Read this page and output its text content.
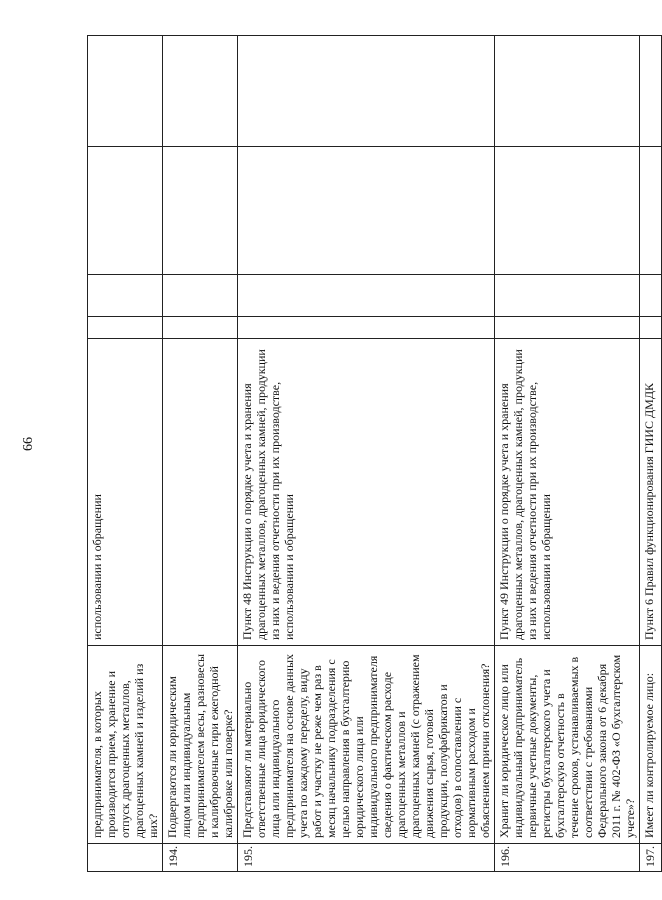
66
	предпринимателя, в которых производится прием, хранение и отпуск драгоценных металлов, драгоценных камней и изделий из них?	использовании и обращении				
194.	Подвергаются ли юридическим лицом или индивидуальным предпринимателем весы, разновесы и калибровочные гири ежегодной калибровке или поверке?					
195.	Представляют ли материально ответственные лица юридического лица или индивидуального предпринимателя на основе данных учета по каждому переделу, виду работ и участку не реже чем раз в месяц начальнику подразделения с целью направления в бухгалтерию юридического лица или индивидуального предпринимателя сведения о фактическом расходе драгоценных металлов и драгоценных камней (с отражением движения сырья, готовой продукции, полуфабрикатов и отходов) в сопоставлении с нормативным расходом и объяснением причин отклонения?	Пункт 48 Инструкции о порядке учета и хранения драгоценных металлов, драгоценных камней, продукции из них и ведения отчетности при их производстве, использовании и обращении				
196.	Хранит ли юридическое лицо или индивидуальный предприниматель первичные учетные документы, регистры бухгалтерского учета и бухгалтерскую отчетность в течение сроков, устанавливаемых в соответствии с требованиями Федерального закона от 6 декабря 2011 г. № 402-ФЗ «О бухгалтерском учете»?	Пункт 49 Инструкции о порядке учета и хранения драгоценных металлов, драгоценных камней, продукции из них и ведения отчетности при их производстве, использовании и обращении				
197.	Имеет ли контролируемое лицо:	Пункт 6 Правил функционирования ГИИС ДМДК				
